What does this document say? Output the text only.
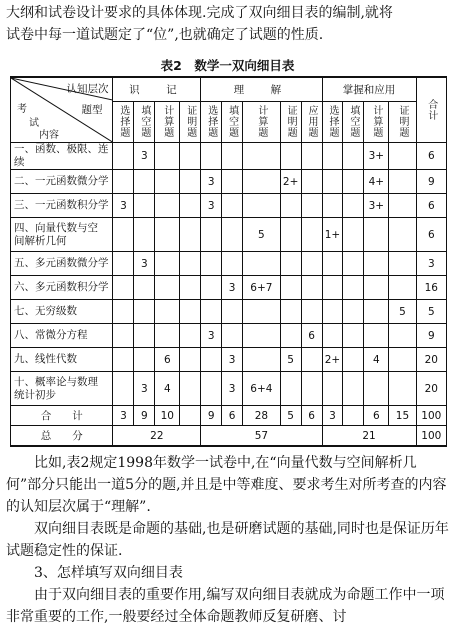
大纲和试卷设计要求的具体体现.完成了双向细目表的编制,就将

试卷中每一道试题定了“位”,也就确定了试题的性质.

表2　数学一双向细目表
认知层次
题型
考
试
内容	识　记				理　解					掌握和应用				合计

	选择题	填空题	计算题	证明题	选择题	填空题	计算题	证明题	应用题	选择题	填空题	计算题	证明题	

一、函数、极限、连续		3										3+		6
二、一元函数微分学					3			2+				4+		9
三、一元函数积分学	3				3							3+		6
四、向量代数与空
间解析几何							5			1+				6
五、多元函数微分学		3												3
六、多元函数积分学						3	6+7							16
七、无穷级数													5	5
八、常微分方程					3				6					9
九、线性代数			6			3		5		2+		4		20
十、概率论与数理
统计初步		3	4			3	6+4							20
合　　计	3	9	10		9	6	28	5	6	3		6	15	100
总　　分	22				57					21				100

比如,表2规定1998年数学一试卷中,在“向量代数与空间解析几何”部分只能出一道5分的题,并且是中等难度、要求考生对所考查的内容的认知层次属于“理解”.

双向细目表既是命题的基础,也是研磨试题的基础,同时也是保证历年试题稳定性的保证.

3、怎样填写双向细目表

由于双向细目表的重要作用,编写双向细目表就成为命题工作中一项非常重要的工作,一般要经过全体命题教师反复研磨、讨
